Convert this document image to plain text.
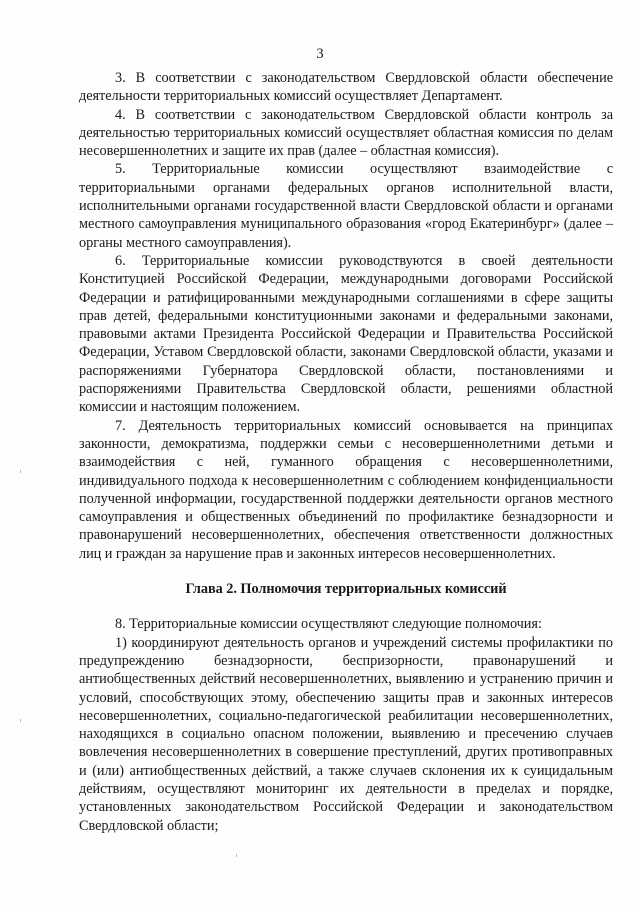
3

3. В соответствии с законодательством Свердловской области обеспечение деятельности территориальных комиссий осуществляет Департамент.

4. В соответствии с законодательством Свердловской области контроль за деятельностью территориальных комиссий осуществляет областная комиссия по делам несовершеннолетних и защите их прав (далее – областная комиссия).

5. Территориальные комиссии осуществляют взаимодействие с территориальными органами федеральных органов исполнительной власти, исполнительными органами государственной власти Свердловской области и органами местного самоуправления муниципального образования «город Екатеринбург» (далее – органы местного самоуправления).

6. Территориальные комиссии руководствуются в своей деятельности Конституцией Российской Федерации, международными договорами Российской Федерации и ратифицированными международными соглашениями в сфере защиты прав детей, федеральными конституционными законами и федеральными законами, правовыми актами Президента Российской Федерации и Правительства Российской Федерации, Уставом Свердловской области, законами Свердловской области, указами и распоряжениями Губернатора Свердловской области, постановлениями и распоряжениями Правительства Свердловской области, решениями областной комиссии и настоящим положением.

7. Деятельность территориальных комиссий основывается на принципах законности, демократизма, поддержки семьи с несовершеннолетними детьми и взаимодействия с ней, гуманного обращения с несовершеннолетними, индивидуального подхода к несовершеннолетним с соблюдением конфиденциальности полученной информации, государственной поддержки деятельности органов местного самоуправления и общественных объединений по профилактике безнадзорности и правонарушений несовершеннолетних, обеспечения ответственности должностных лиц и граждан за нарушение прав и законных интересов несовершеннолетних.

Глава 2. Полномочия территориальных комиссий

8. Территориальные комиссии осуществляют следующие полномочия:

1) координируют деятельность органов и учреждений системы профилактики по предупреждению безнадзорности, беспризорности, правонарушений и антиобщественных действий несовершеннолетних, выявлению и устранению причин и условий, способствующих этому, обеспечению защиты прав и законных интересов несовершеннолетних, социально-педагогической реабилитации несовершеннолетних, находящихся в социально опасном положении, выявлению и пресечению случаев вовлечения несовершеннолетних в совершение преступлений, других противоправных и (или) антиобщественных действий, а также случаев склонения их к суицидальным действиям, осуществляют мониторинг их деятельности в пределах и порядке, установленных законодательством Российской Федерации и законодательством Свердловской области;
